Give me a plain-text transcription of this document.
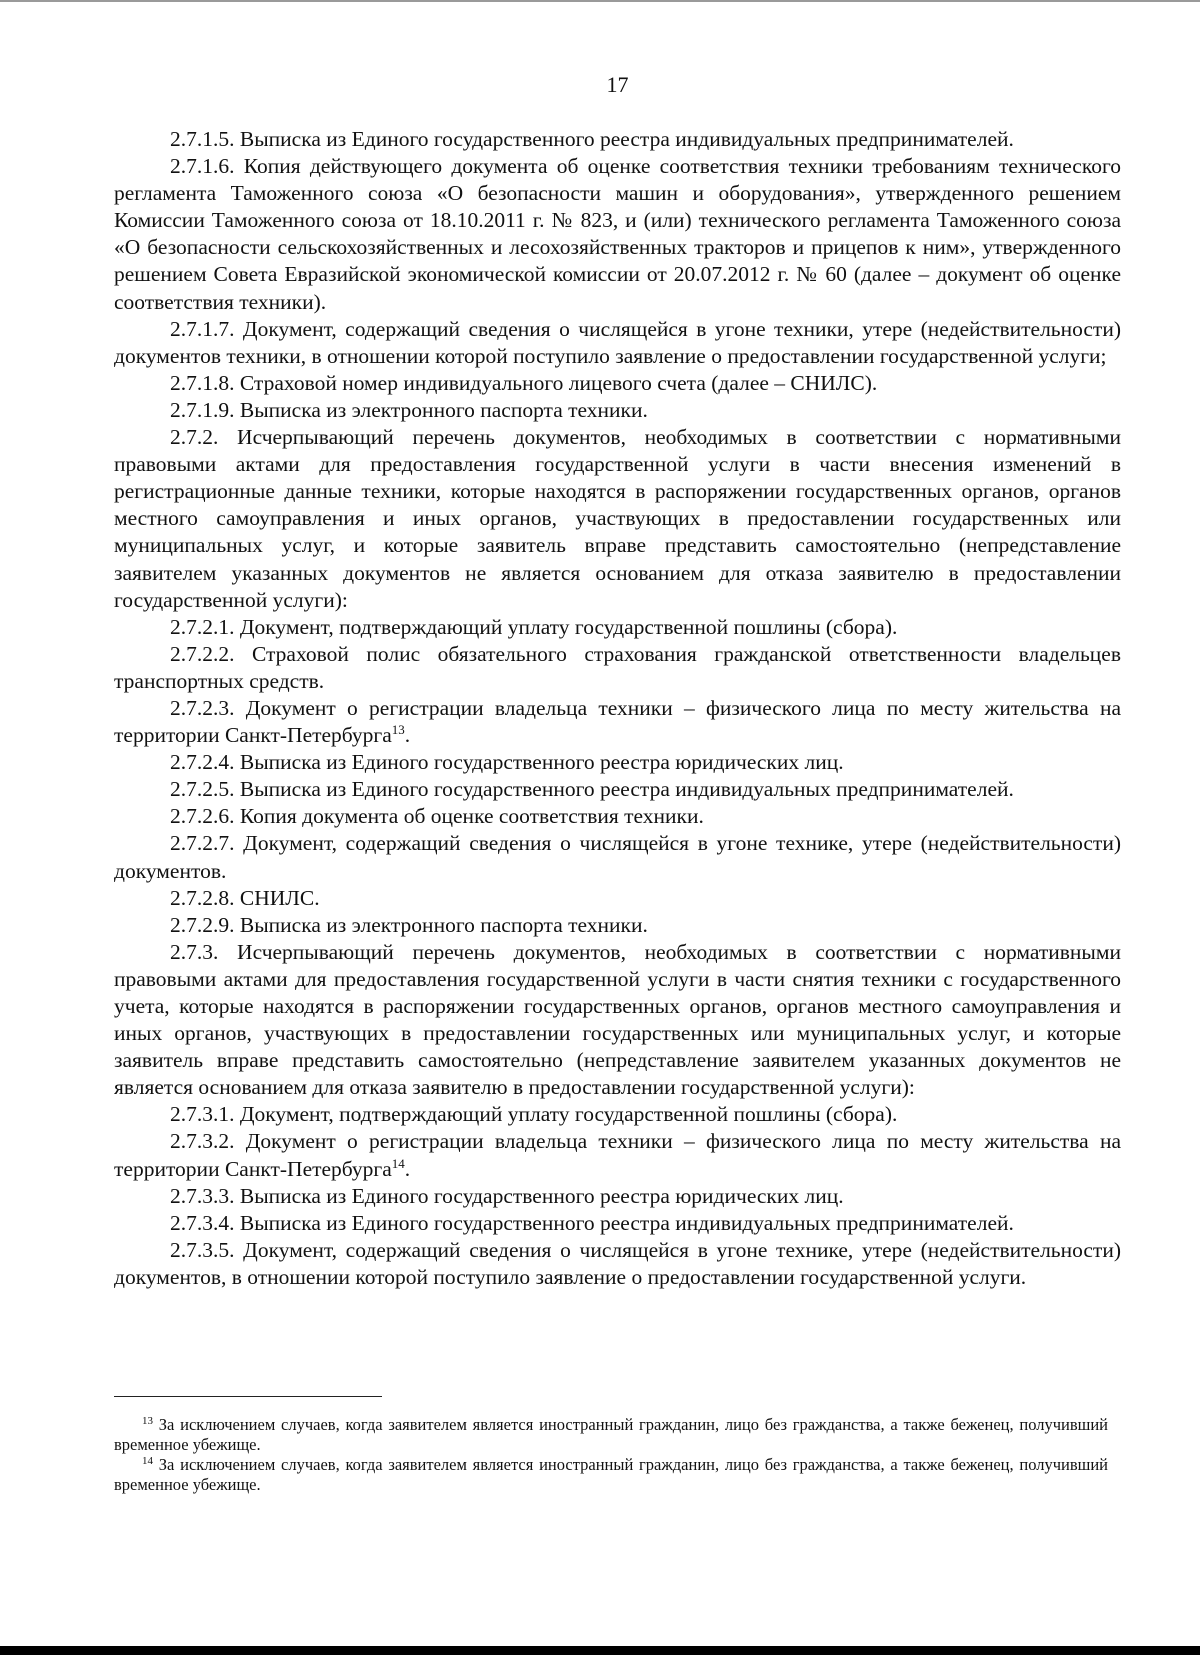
17

2.7.1.5. Выписка из Единого государственного реестра индивидуальных предпринимателей.

2.7.1.6. Копия действующего документа об оценке соответствия техники требованиям технического регламента Таможенного союза «О безопасности машин и оборудования», утвержденного решением Комиссии Таможенного союза от 18.10.2011 г. № 823, и (или) технического регламента Таможенного союза «О безопасности сельскохозяйственных и лесохозяйственных тракторов и прицепов к ним», утвержденного решением Совета Евразийской экономической комиссии от 20.07.2012 г. № 60 (далее – документ об оценке соответствия техники).

2.7.1.7. Документ, содержащий сведения о числящейся в угоне техники, утере (недействительности) документов техники, в отношении которой поступило заявление о предоставлении государственной услуги;

2.7.1.8. Страховой номер индивидуального лицевого счета (далее – СНИЛС).

2.7.1.9. Выписка из электронного паспорта техники.

2.7.2. Исчерпывающий перечень документов, необходимых в соответствии с нормативными правовыми актами для предоставления государственной услуги в части внесения изменений в регистрационные данные техники, которые находятся в распоряжении государственных органов, органов местного самоуправления и иных органов, участвующих в предоставлении государственных или муниципальных услуг, и которые заявитель вправе представить самостоятельно (непредставление заявителем указанных документов не является основанием для отказа заявителю в предоставлении государственной услуги):

2.7.2.1. Документ, подтверждающий уплату государственной пошлины (сбора).

2.7.2.2. Страховой полис обязательного страхования гражданской ответственности владельцев транспортных средств.

2.7.2.3. Документ о регистрации владельца техники – физического лица по месту жительства на территории Санкт-Петербурга$^{13}$.

2.7.2.4. Выписка из Единого государственного реестра юридических лиц.

2.7.2.5. Выписка из Единого государственного реестра индивидуальных предпринимателей.

2.7.2.6. Копия документа об оценке соответствия техники.

2.7.2.7. Документ, содержащий сведения о числящейся в угоне технике, утере (недействительности) документов.

2.7.2.8. СНИЛС.

2.7.2.9. Выписка из электронного паспорта техники.

2.7.3. Исчерпывающий перечень документов, необходимых в соответствии с нормативными правовыми актами для предоставления государственной услуги в части снятия техники с государственного учета, которые находятся в распоряжении государственных органов, органов местного самоуправления и иных органов, участвующих в предоставлении государственных или муниципальных услуг, и которые заявитель вправе представить самостоятельно (непредставление заявителем указанных документов не является основанием для отказа заявителю в предоставлении государственной услуги):

2.7.3.1. Документ, подтверждающий уплату государственной пошлины (сбора).

2.7.3.2. Документ о регистрации владельца техники – физического лица по месту жительства на территории Санкт-Петербурга$^{14}$.

2.7.3.3. Выписка из Единого государственного реестра юридических лиц.

2.7.3.4. Выписка из Единого государственного реестра индивидуальных предпринимателей.

2.7.3.5. Документ, содержащий сведения о числящейся в угоне технике, утере (недействительности) документов, в отношении которой поступило заявление о предоставлении государственной услуги.

$^{13}$ За исключением случаев, когда заявителем является иностранный гражданин, лицо без гражданства, а также беженец, получивший временное убежище.

$^{14}$ За исключением случаев, когда заявителем является иностранный гражданин, лицо без гражданства, а также беженец, получивший временное убежище.
